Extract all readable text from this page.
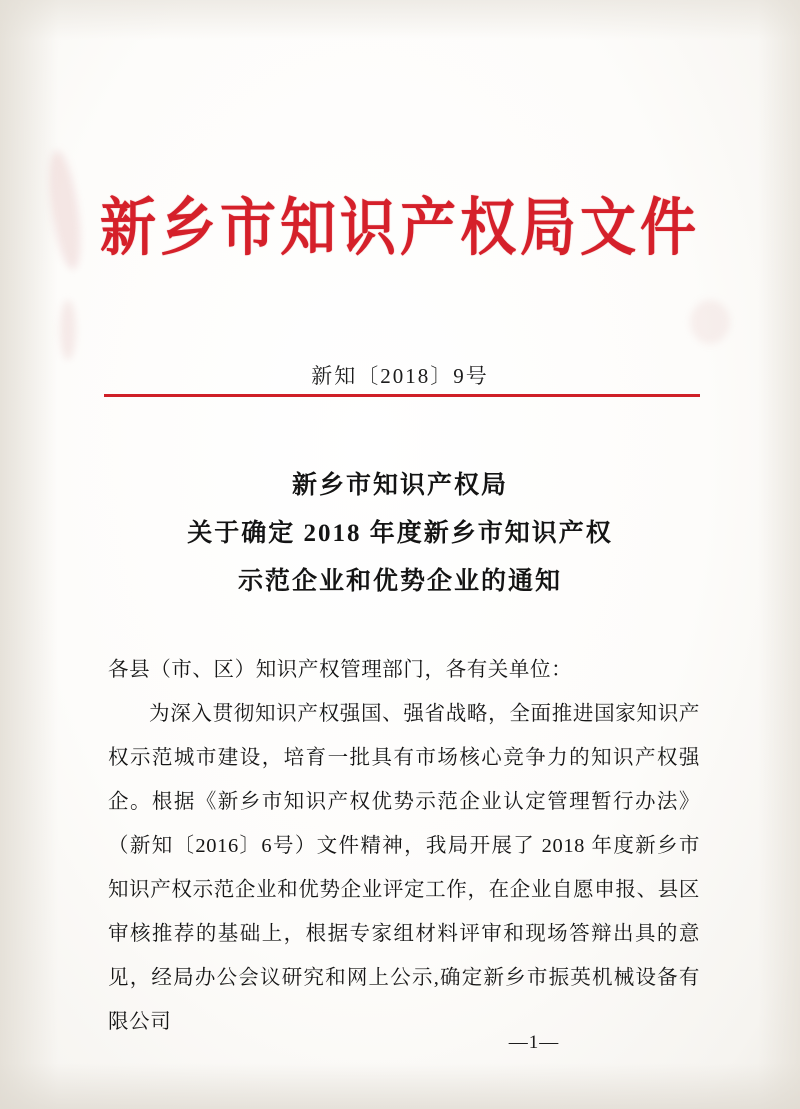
新乡市知识产权局文件
新知〔2018〕9号
新乡市知识产权局
关于确定 2018 年度新乡市知识产权
示范企业和优势企业的通知

各县（市、区）知识产权管理部门，各有关单位：

为深入贯彻知识产权强国、强省战略，全面推进国家知识产权示范城市建设，培育一批具有市场核心竞争力的知识产权强企。根据《新乡市知识产权优势示范企业认定管理暂行办法》（新知〔2016〕6号）文件精神，我局开展了 2018 年度新乡市知识产权示范企业和优势企业评定工作，在企业自愿申报、县区审核推荐的基础上，根据专家组材料评审和现场答辩出具的意见，经局办公会议研究和网上公示,确定新乡市振英机械设备有限公司

—1—
